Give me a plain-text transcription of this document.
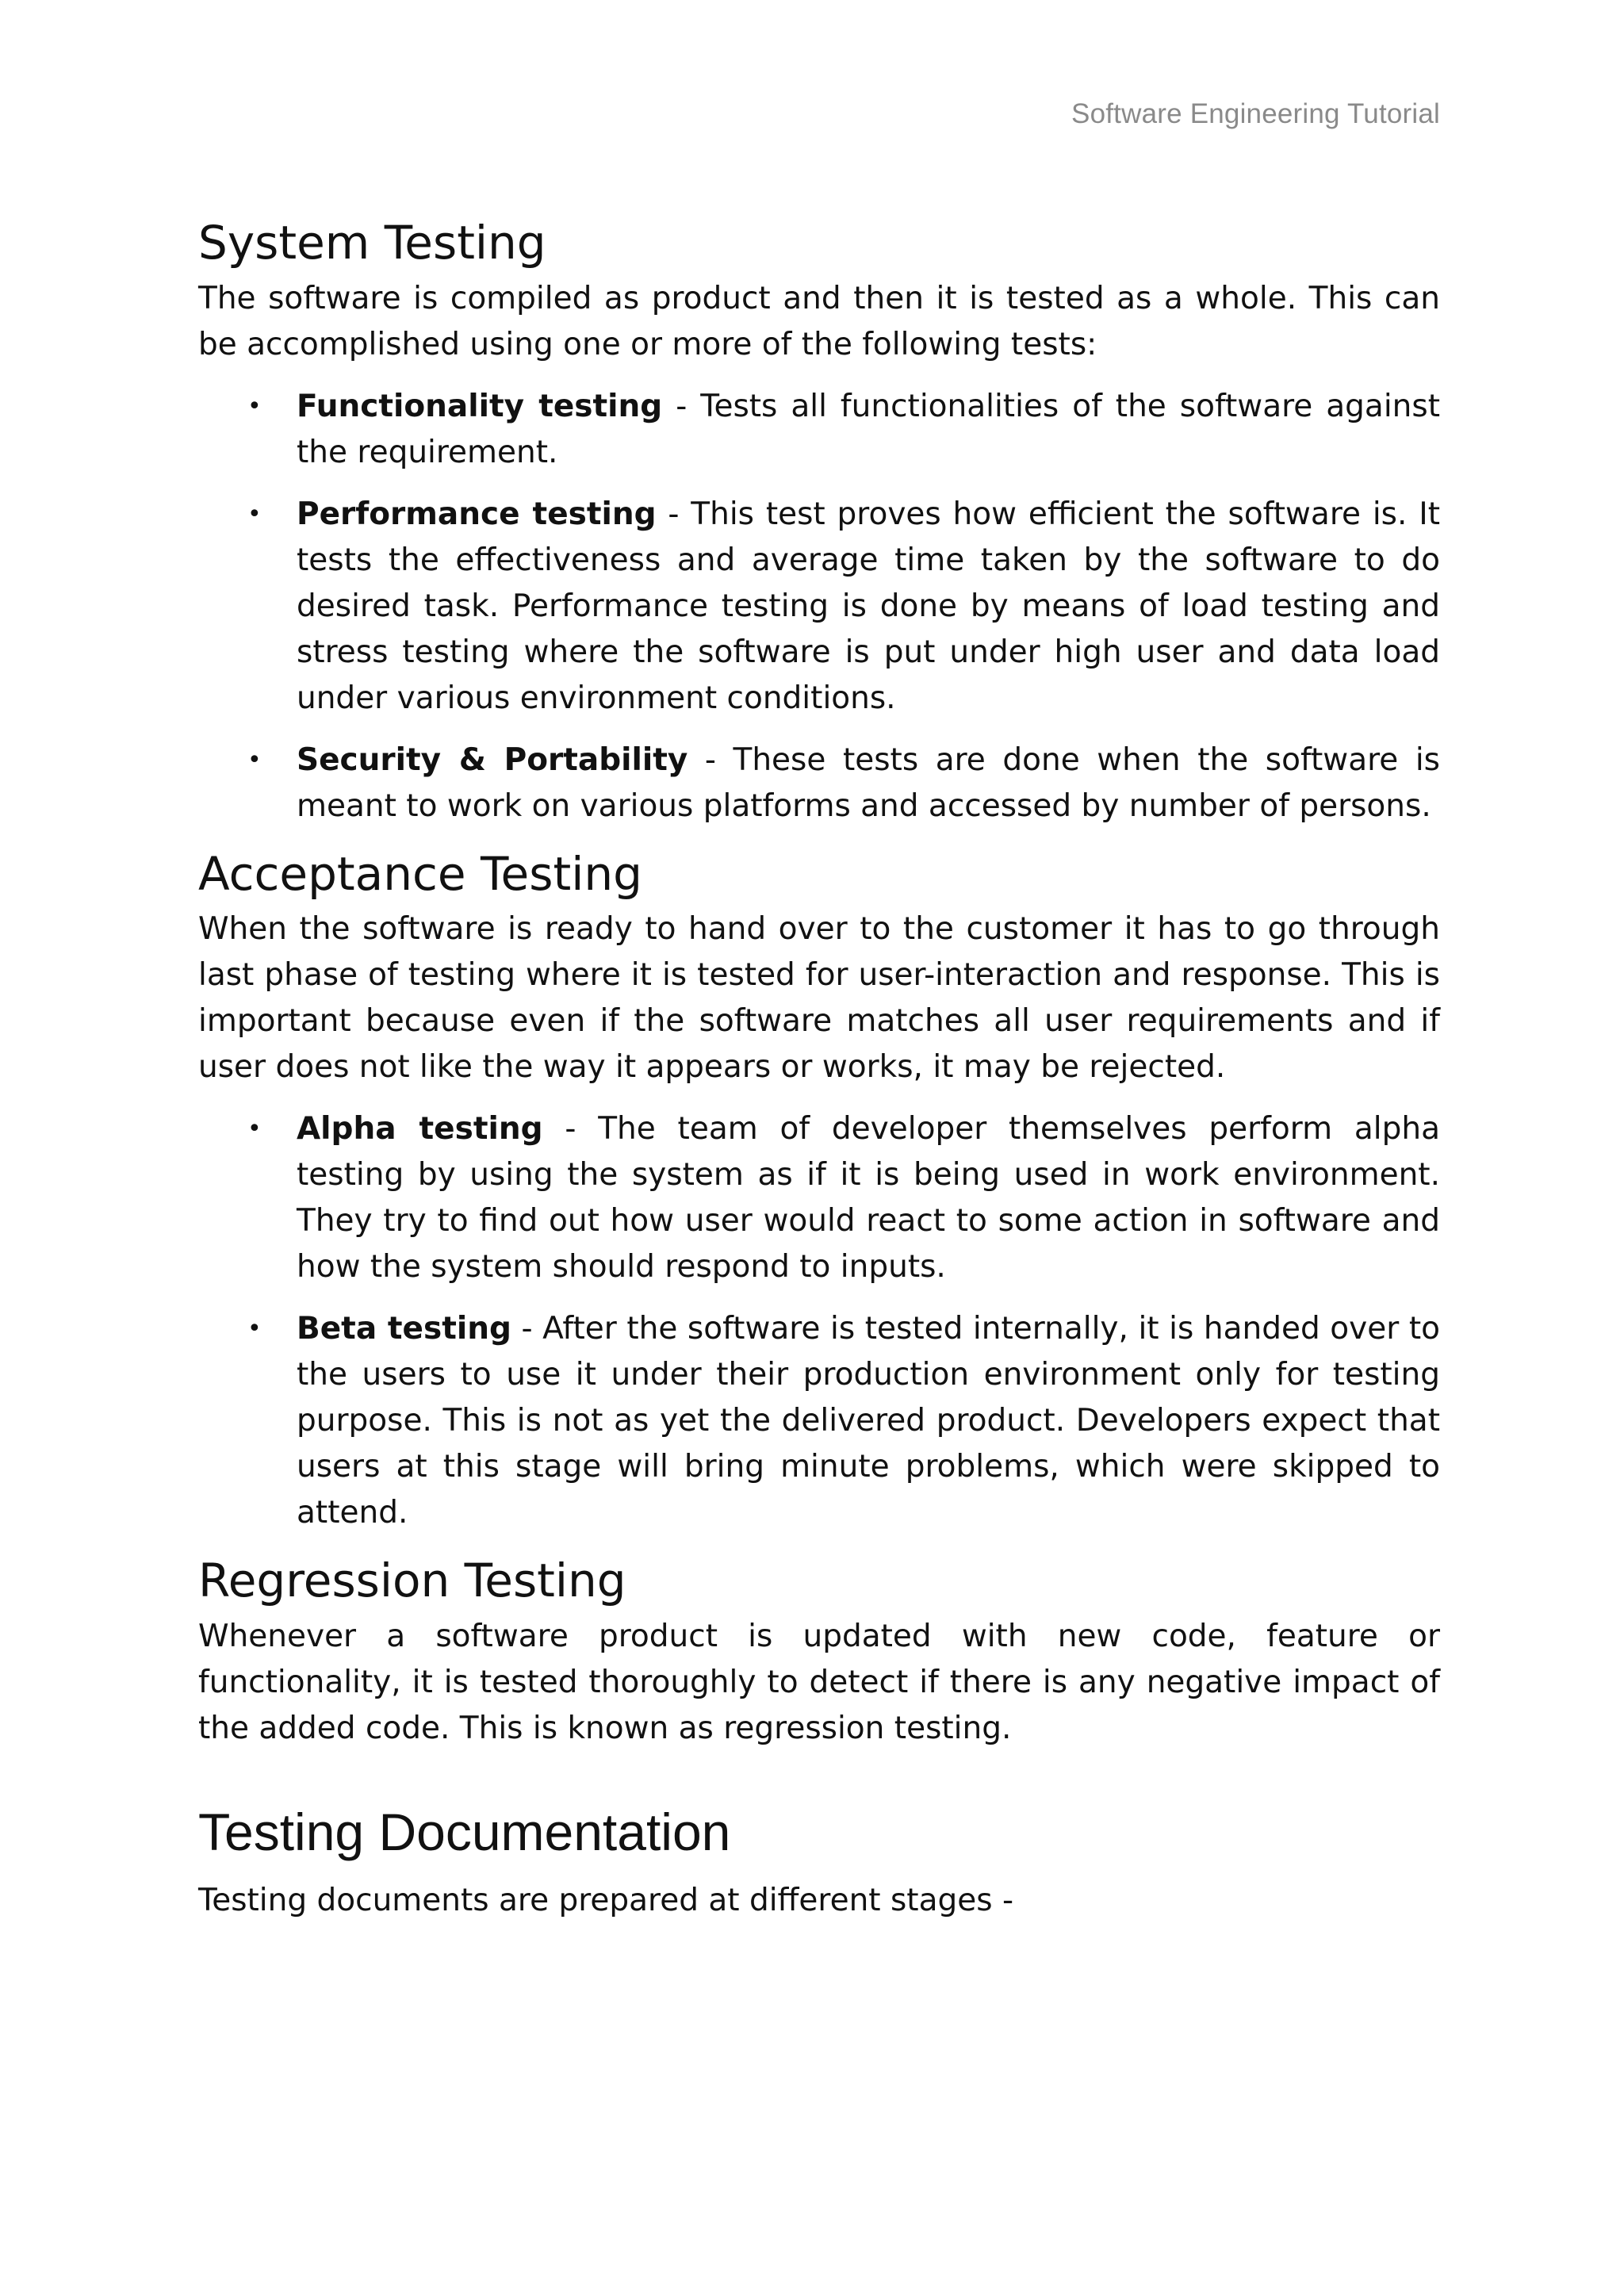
Software Engineering Tutorial
System Testing

The software is compiled as product and then it is tested as a whole. This can be accomplished using one or more of the following tests:

• Functionality testing - Tests all functionalities of the software against the requirement.
• Performance testing - This test proves how efficient the software is. It tests the effectiveness and average time taken by the software to do desired task. Performance testing is done by means of load testing and stress testing where the software is put under high user and data load under various environment conditions.
• Security & Portability - These tests are done when the software is meant to work on various platforms and accessed by number of persons.
Acceptance Testing

When the software is ready to hand over to the customer it has to go through last phase of testing where it is tested for user-interaction and response. This is important because even if the software matches all user requirements and if user does not like the way it appears or works, it may be rejected.

• Alpha testing - The team of developer themselves perform alpha testing by using the system as if it is being used in work environment. They try to find out how user would react to some action in software and how the system should respond to inputs.
• Beta testing - After the software is tested internally, it is handed over to the users to use it under their production environment only for testing purpose. This is not as yet the delivered product. Developers expect that users at this stage will bring minute problems, which were skipped to attend.
Regression Testing

Whenever a software product is updated with new code, feature or functionality, it is tested thoroughly to detect if there is any negative impact of the added code. This is known as regression testing.

Testing Documentation

Testing documents are prepared at different stages -
